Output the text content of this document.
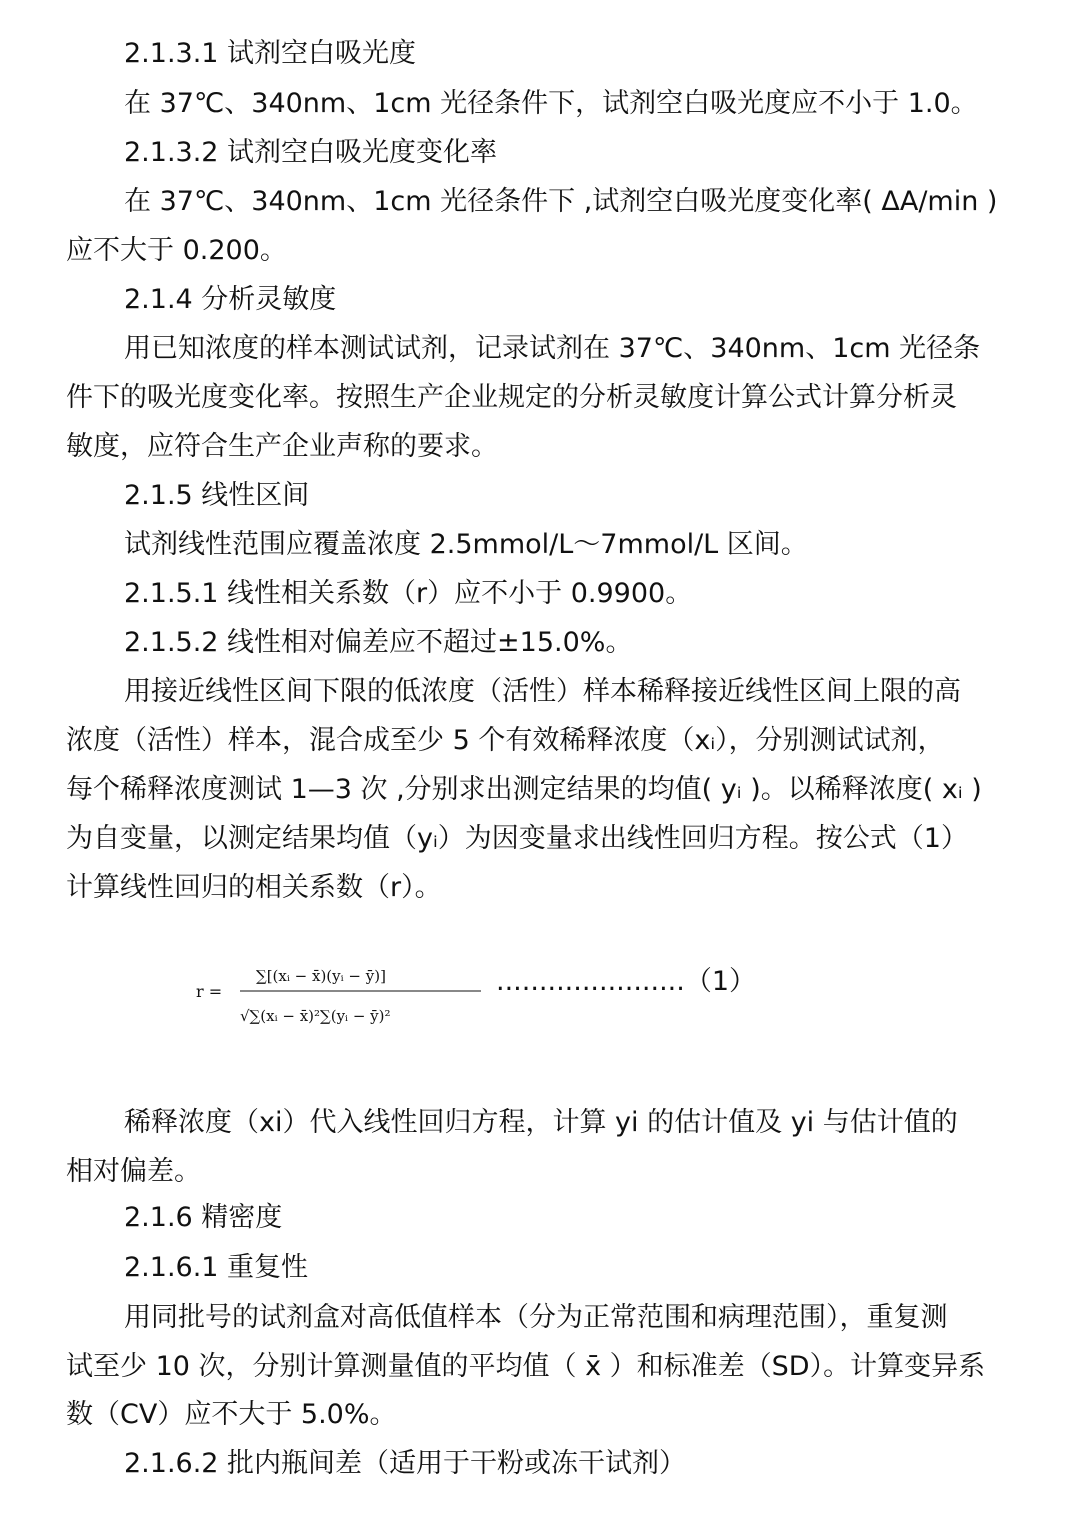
2.1.3.1 试剂空白吸光度
在 37℃、340nm、1cm 光径条件下，试剂空白吸光度应不小于 1.0。
2.1.3.2 试剂空白吸光度变化率
在 37℃、340nm、1cm 光径条件下 ,试剂空白吸光度变化率( ΔA/min )
应不大于 0.200。
2.1.4 分析灵敏度
用已知浓度的样本测试试剂，记录试剂在 37℃、340nm、1cm 光径条
件下的吸光度变化率。按照生产企业规定的分析灵敏度计算公式计算分析灵
敏度，应符合生产企业声称的要求。
2.1.5 线性区间
试剂线性范围应覆盖浓度 2.5mmol/L～7mmol/L 区间。
2.1.5.1 线性相关系数（r）应不小于 0.9900。
2.1.5.2 线性相对偏差应不超过±15.0%。
用接近线性区间下限的低浓度（活性）样本稀释接近线性区间上限的高
浓度（活性）样本，混合成至少 5 个有效稀释浓度（xᵢ），分别测试试剂，
每个稀释浓度测试 1—3 次 ,分别求出测定结果的均值( yᵢ )。以稀释浓度( xᵢ )
为自变量，以测定结果均值（yᵢ）为因变量求出线性回归方程。按公式（1）
计算线性回归的相关系数（r）。
r =
∑[(xᵢ − x̄)(yᵢ − ȳ)]
√∑(xᵢ − x̄)²∑(yᵢ − ȳ)²
......................（1）
稀释浓度（xi）代入线性回归方程，计算 yi 的估计值及 yi 与估计值的
相对偏差。
2.1.6 精密度
2.1.6.1 重复性
用同批号的试剂盒对高低值样本（分为正常范围和病理范围），重复测
试至少 10 次，分别计算测量值的平均值（ x̄ ）和标准差（SD）。计算变异系
数（CV）应不大于 5.0%。
2.1.6.2 批内瓶间差（适用于干粉或冻干试剂）
